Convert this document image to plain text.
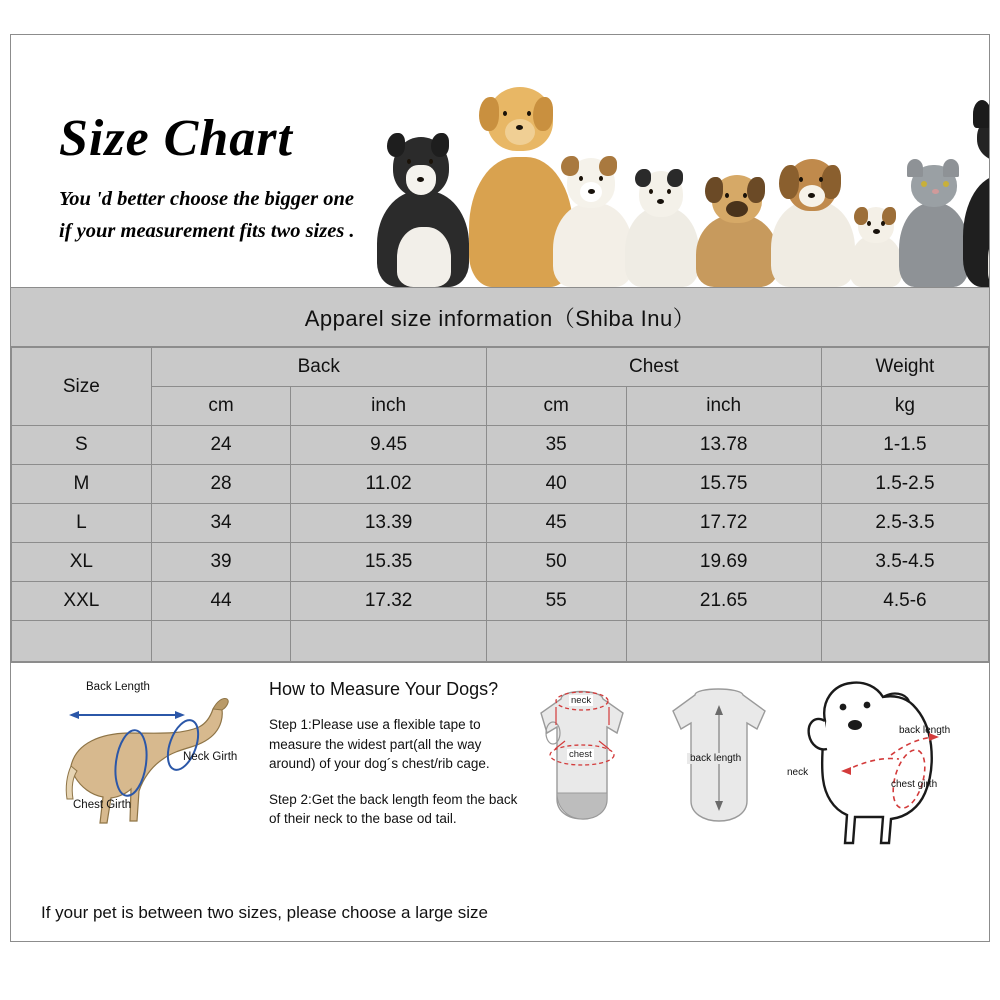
Size Chart
You 'd better choose the bigger one
if your measurement fits two sizes .
Apparel size information（Shiba Inu）
Size	Back		Chest		Weight
	cm	inch	cm	inch	kg
S	24	9.45	35	13.78	1-1.5
M	28	11.02	40	15.75	1.5-2.5
L	34	13.39	45	17.72	2.5-3.5
XL	39	15.35	50	19.69	3.5-4.5
XXL	44	17.32	55	21.65	4.5-6

Back Length
Neck Girth
Chest Girth
How to Measure Your Dogs?

Step 1:Please use a flexible tape to measure the widest part(all the way around) of your dog´s chest/rib cage.

Step 2:Get the back length feom the back of their neck to the base od tail.

neck
chest	back length
back length
neck
chest girth
If your pet is between two sizes, please choose a large size
